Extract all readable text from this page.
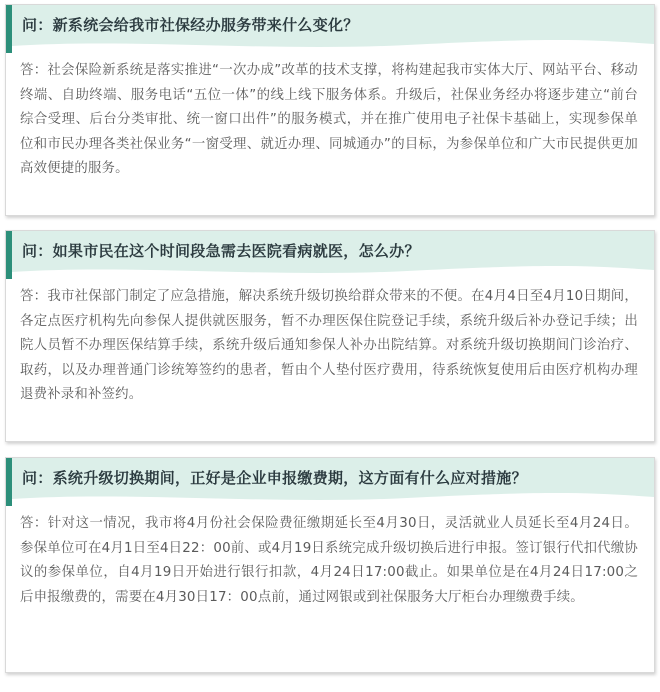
问：新系统会给我市社保经办服务带来什么变化？

答：社会保险新系统是落实推进“一次办成”改革的技术支撑，将构建起我市实体大厅、网站平台、移动终端、自助终端、服务电话“五位一体”的线上线下服务体系。升级后，社保业务经办将逐步建立“前台综合受理、后台分类审批、统一窗口出件”的服务模式，并在推广使用电子社保卡基础上，实现参保单位和市民办理各类社保业务“一窗受理、就近办理、同城通办”的目标，为参保单位和广大市民提供更加高效便捷的服务。

问：如果市民在这个时间段急需去医院看病就医，怎么办？

答：我市社保部门制定了应急措施，解决系统升级切换给群众带来的不便。在4月4日至4月10日期间，各定点医疗机构先向参保人提供就医服务，暂不办理医保住院登记手续，系统升级后补办登记手续；出院人员暂不办理医保结算手续，系统升级后通知参保人补办出院结算。对系统升级切换期间门诊治疗、取药，以及办理普通门诊统筹签约的患者，暂由个人垫付医疗费用，待系统恢复使用后由医疗机构办理退费补录和补签约。

问：系统升级切换期间，正好是企业申报缴费期，这方面有什么应对措施？

答：针对这一情况，我市将4月份社会保险费征缴期延长至4月30日，灵活就业人员延长至4月24日。参保单位可在4月1日至4日22：00前、或4月19日系统完成升级切换后进行申报。签订银行代扣代缴协议的参保单位，自4月19日开始进行银行扣款，4月24日17:00截止。如果单位是在4月24日17:00之后申报缴费的，需要在4月30日17：00点前，通过网银或到社保服务大厅柜台办理缴费手续。
